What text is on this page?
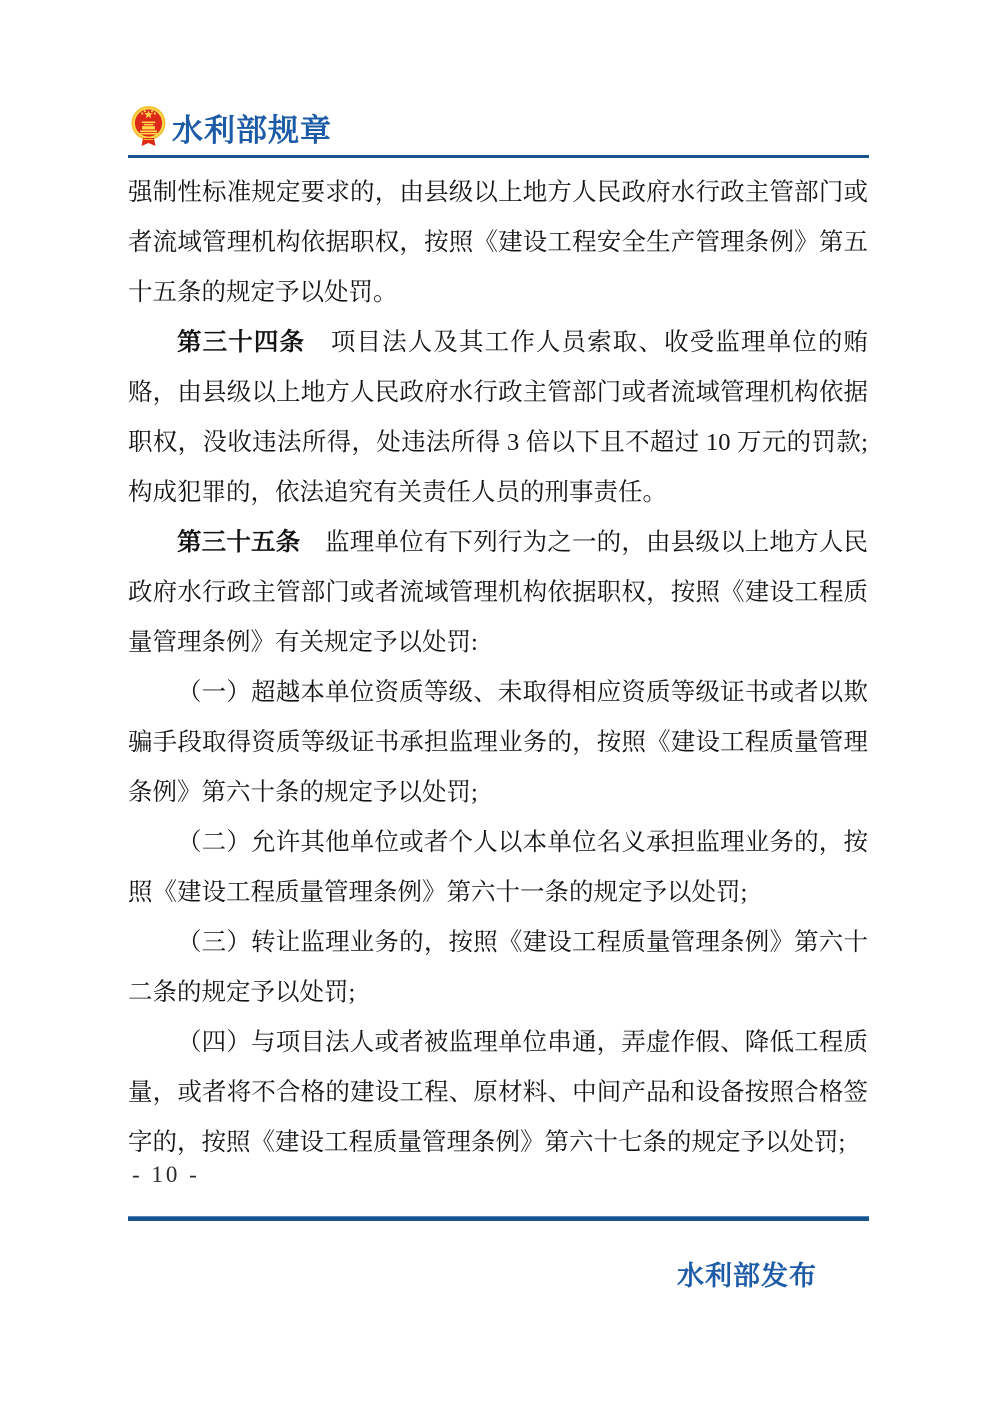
水利部规章

强制性标准规定要求的，由县级以上地方人民政府水行政主管部门或者流域管理机构依据职权，按照《建设工程安全生产管理条例》第五十五条的规定予以处罚。

第三十四条　项目法人及其工作人员索取、收受监理单位的贿赂，由县级以上地方人民政府水行政主管部门或者流域管理机构依据职权，没收违法所得，处违法所得 3 倍以下且不超过 10 万元的罚款;构成犯罪的，依法追究有关责任人员的刑事责任。

第三十五条　监理单位有下列行为之一的，由县级以上地方人民政府水行政主管部门或者流域管理机构依据职权，按照《建设工程质量管理条例》有关规定予以处罚:

（一）超越本单位资质等级、未取得相应资质等级证书或者以欺骗手段取得资质等级证书承担监理业务的，按照《建设工程质量管理条例》第六十条的规定予以处罚;

（二）允许其他单位或者个人以本单位名义承担监理业务的，按照《建设工程质量管理条例》第六十一条的规定予以处罚;

（三）转让监理业务的，按照《建设工程质量管理条例》第六十二条的规定予以处罚;

（四）与项目法人或者被监理单位串通，弄虚作假、降低工程质量，或者将不合格的建设工程、原材料、中间产品和设备按照合格签字的，按照《建设工程质量管理条例》第六十七条的规定予以处罚;

- 10 -
水利部发布
